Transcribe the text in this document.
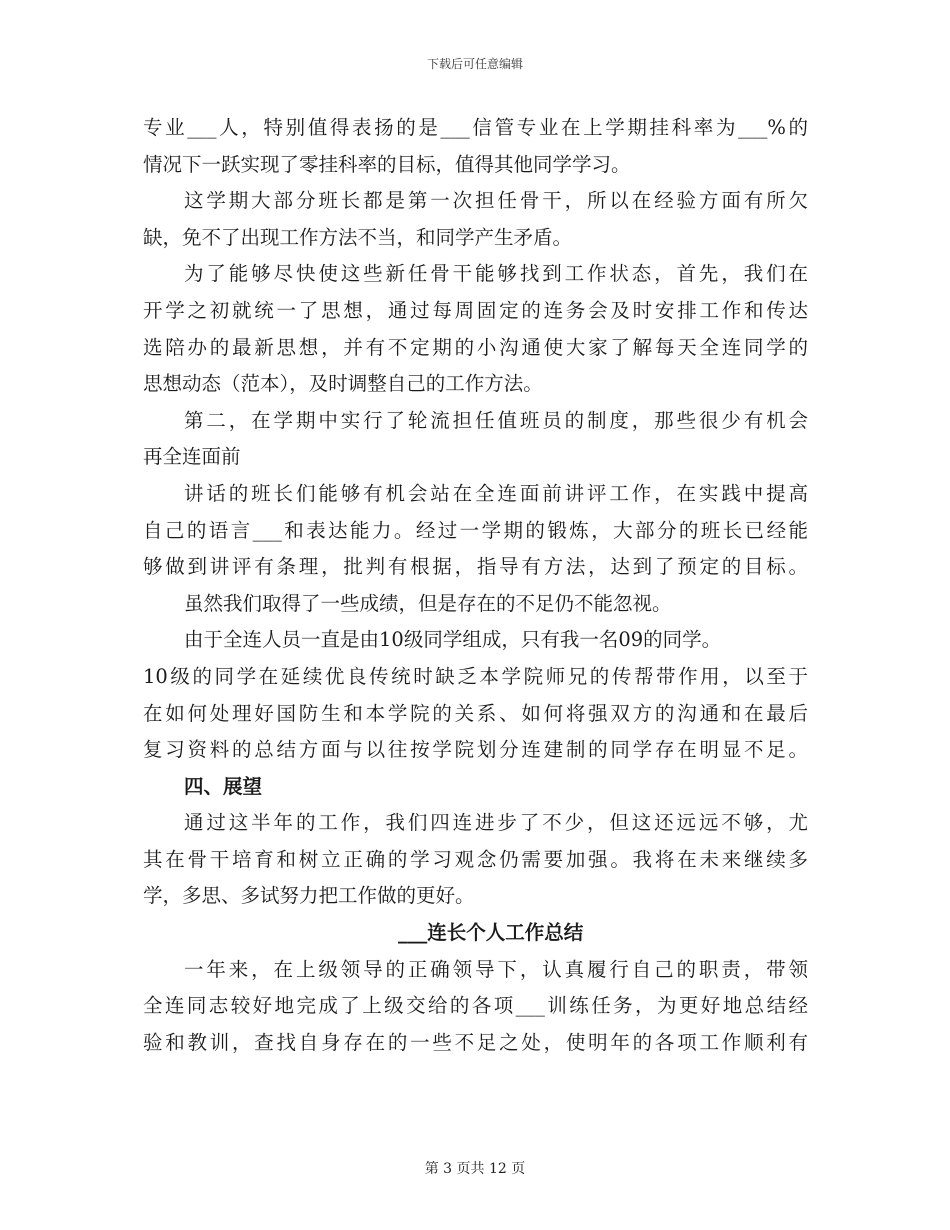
下载后可任意编辑
专业___人，特别值得表扬的是___信管专业在上学期挂科率为___%的
情况下一跃实现了零挂科率的目标，值得其他同学学习。
这学期大部分班长都是第一次担任骨干，所以在经验方面有所欠
缺，免不了出现工作方法不当，和同学产生矛盾。
为了能够尽快使这些新任骨干能够找到工作状态，首先，我们在
开学之初就统一了思想，通过每周固定的连务会及时安排工作和传达
选陪办的最新思想，并有不定期的小沟通使大家了解每天全连同学的
思想动态（范本），及时调整自己的工作方法。
第二，在学期中实行了轮流担任值班员的制度，那些很少有机会
再全连面前
讲话的班长们能够有机会站在全连面前讲评工作，在实践中提高
自己的语言___和表达能力。经过一学期的锻炼，大部分的班长已经能
够做到讲评有条理，批判有根据，指导有方法，达到了预定的目标。
虽然我们取得了一些成绩，但是存在的不足仍不能忽视。
由于全连人员一直是由10级同学组成，只有我一名09的同学。
10级的同学在延续优良传统时缺乏本学院师兄的传帮带作用，以至于
在如何处理好国防生和本学院的关系、如何将强双方的沟通和在最后
复习资料的总结方面与以往按学院划分连建制的同学存在明显不足。
四、展望
通过这半年的工作，我们四连进步了不少，但这还远远不够，尤
其在骨干培育和树立正确的学习观念仍需要加强。我将在未来继续多
学，多思、多试努力把工作做的更好。
___连长个人工作总结
一年来，在上级领导的正确领导下，认真履行自己的职责，带领
全连同志较好地完成了上级交给的各项___训练任务，为更好地总结经
验和教训，查找自身存在的一些不足之处，使明年的各项工作顺利有
第 3 页共 12 页
